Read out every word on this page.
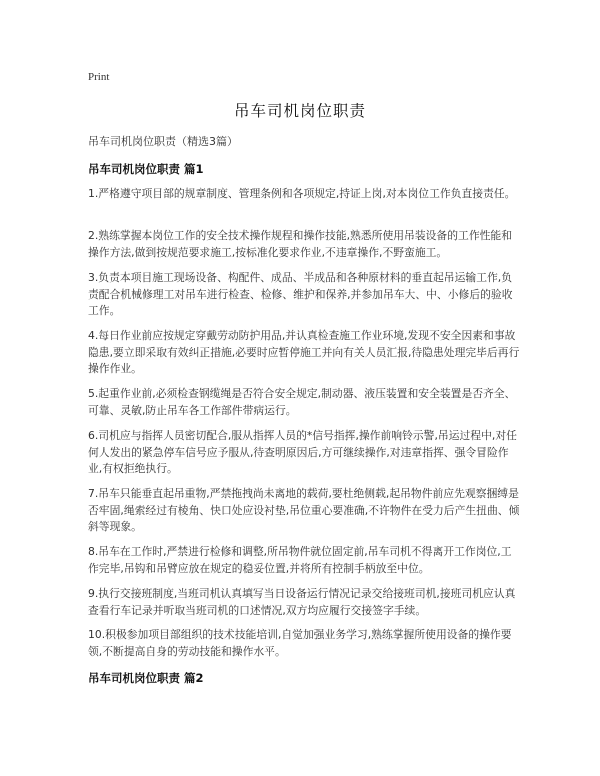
Print
吊车司机岗位职责
吊车司机岗位职责（精选3篇）
吊车司机岗位职责 篇1

1.严格遵守项目部的规章制度、管理条例和各项规定,持证上岗,对本岗位工作负直接责任。

2.熟练掌握本岗位工作的安全技术操作规程和操作技能,熟悉所使用吊装设备的工作性能和操作方法,做到按规范要求施工,按标准化要求作业,不违章操作,不野蛮施工。

3.负责本项目施工现场设备、构配件、成品、半成品和各种原材料的垂直起吊运输工作,负责配合机械修理工对吊车进行检查、检修、维护和保养,并参加吊车大、中、小修后的验收工作。

4.每日作业前应按规定穿戴劳动防护用品,并认真检查施工作业环境,发现不安全因素和事故隐患,要立即采取有效纠正措施,必要时应暂停施工并向有关人员汇报,待隐患处理完毕后再行操作作业。

5.起重作业前,必须检查钢缆绳是否符合安全规定,制动器、液压装置和安全装置是否齐全、可靠、灵敏,防止吊车各工作部件带病运行。

6.司机应与指挥人员密切配合,服从指挥人员的*信号指挥,操作前响铃示警,吊运过程中,对任何人发出的紧急停车信号应予服从,待查明原因后,方可继续操作,对违章指挥、强令冒险作业,有权拒绝执行。

7.吊车只能垂直起吊重物,严禁拖拽尚未离地的载荷,要杜绝侧载,起吊物件前应先观察捆缚是否牢固,绳索经过有棱角、快口处应设衬垫,吊位重心要准确,不许物件在受力后产生扭曲、倾斜等现象。

8.吊车在工作时,严禁进行检修和调整,所吊物件就位固定前,吊车司机不得离开工作岗位,工作完毕,吊钩和吊臂应放在规定的稳妥位置,并将所有控制手柄放至中位。

9.执行交接班制度,当班司机认真填写当日设备运行情况记录交给接班司机,接班司机应认真查看行车记录并听取当班司机的口述情况,双方均应履行交接签字手续。

10.积极参加项目部组织的技术技能培训,自觉加强业务学习,熟练掌握所使用设备的操作要领,不断提高自身的劳动技能和操作水平。

吊车司机岗位职责 篇2
